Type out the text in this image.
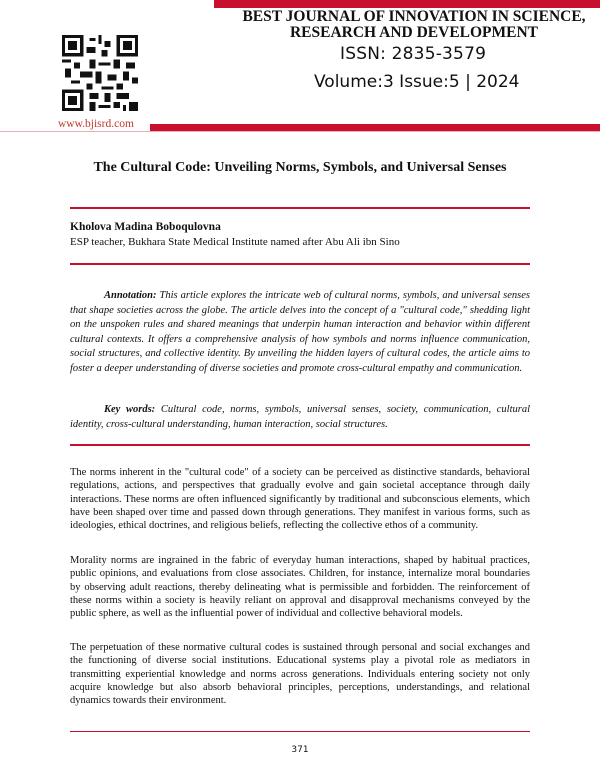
www.bjisrd.com
BEST JOURNAL OF INNOVATION IN SCIENCE, RESEARCH AND DEVELOPMENT
ISSN: 2835-3579
Volume:3 Issue:5 | 2024
The Cultural Code: Unveiling Norms, Symbols, and Universal Senses
Kholova Madina Boboqulovna
ESP teacher, Bukhara State Medical Institute named after Abu Ali ibn Sino
Annotation: This article explores the intricate web of cultural norms, symbols, and universal senses that shape societies across the globe. The article delves into the concept of a "cultural code," shedding light on the unspoken rules and shared meanings that underpin human interaction and behavior within different cultural contexts. It offers a comprehensive analysis of how symbols and norms influence communication, social structures, and collective identity. By unveiling the hidden layers of cultural codes, the article aims to foster a deeper understanding of diverse societies and promote cross-cultural empathy and communication.
Key words: Cultural code, norms, symbols, universal senses, society, communication, cultural identity, cross-cultural understanding, human interaction, social structures.
The norms inherent in the "cultural code" of a society can be perceived as distinctive standards, behavioral regulations, actions, and perspectives that gradually evolve and gain societal acceptance through daily interactions. These norms are often influenced significantly by traditional and subconscious elements, which have been shaped over time and passed down through generations. They manifest in various forms, such as ideologies, ethical doctrines, and religious beliefs, reflecting the collective ethos of a community.
Morality norms are ingrained in the fabric of everyday human interactions, shaped by habitual practices, public opinions, and evaluations from close associates. Children, for instance, internalize moral boundaries by observing adult reactions, thereby delineating what is permissible and forbidden. The reinforcement of these norms within a society is heavily reliant on approval and disapproval mechanisms conveyed by the public sphere, as well as the influential power of individual and collective behavioral models.
The perpetuation of these normative cultural codes is sustained through personal and social exchanges and the functioning of diverse social institutions. Educational systems play a pivotal role as mediators in transmitting experiential knowledge and norms across generations. Individuals entering society not only acquire knowledge but also absorb behavioral principles, perceptions, understandings, and relational dynamics towards their environment.
371
